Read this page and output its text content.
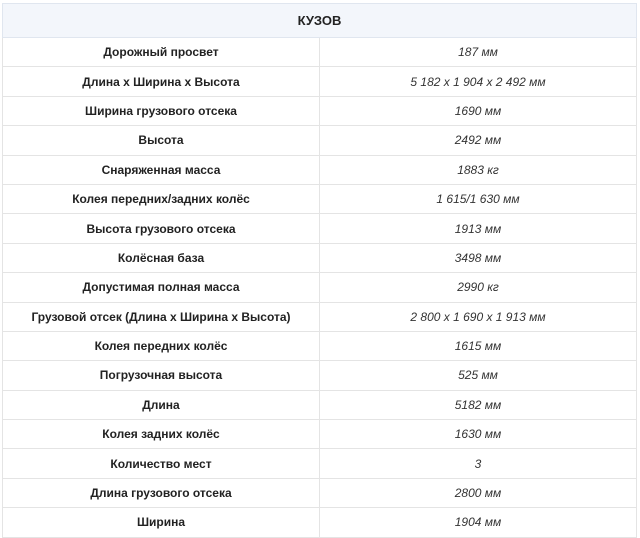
КУЗОВ	
Дорожный просвет	187 мм
Длина x Ширина x Высота	5 182 x 1 904 x 2 492 мм
Ширина грузового отсека	1690 мм
Высота	2492 мм
Снаряженная масса	1883 кг
Колея передних/задних колёс	1 615/1 630 мм
Высота грузового отсека	1913 мм
Колёсная база	3498 мм
Допустимая полная масса	2990 кг
Грузовой отсек (Длина x Ширина x Высота)	2 800 x 1 690 x 1 913 мм
Колея передних колёс	1615 мм
Погрузочная высота	525 мм
Длина	5182 мм
Колея задних колёс	1630 мм
Количество мест	3
Длина грузового отсека	2800 мм
Ширина	1904 мм
